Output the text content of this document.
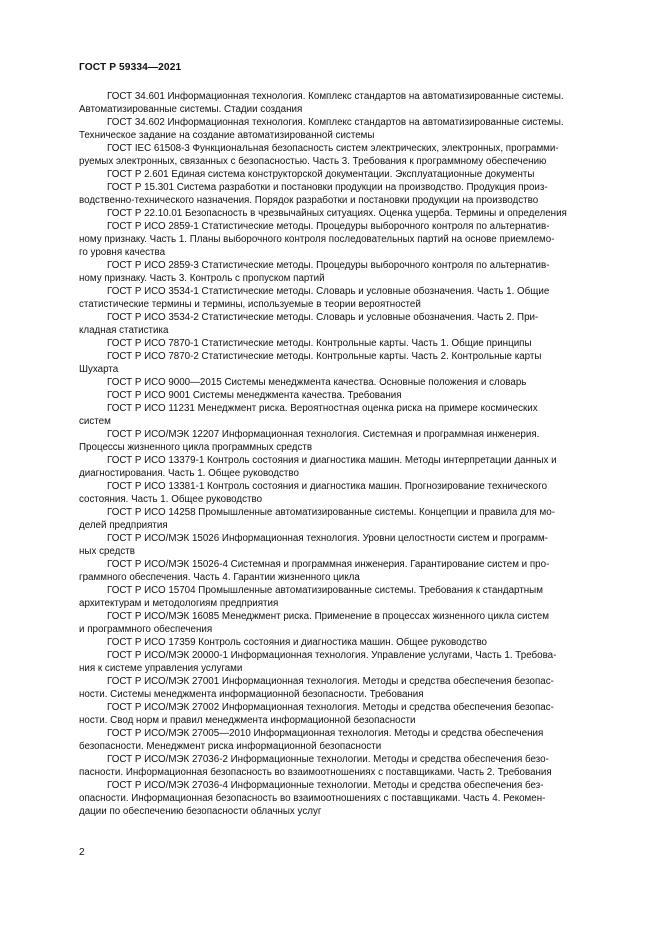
ГОСТ Р 59334—2021
ГОСТ 34.601 Информационная технология. Комплекс стандартов на автоматизированные системы.
Автоматизированные системы. Стадии создания
ГОСТ 34.602 Информационная технология. Комплекс стандартов на автоматизированные системы.
Техническое задание на создание автоматизированной системы
ГОСТ IEC 61508-3 Функциональная безопасность систем электрических, электронных, программи-
руемых электронных, связанных с безопасностью. Часть 3. Требования к программному обеспечению
ГОСТ Р 2.601 Единая система конструкторской документации. Эксплуатационные документы
ГОСТ Р 15.301 Система разработки и постановки продукции на производство. Продукция произ-
водственно-технического назначения. Порядок разработки и постановки продукции на производство
ГОСТ Р 22.10.01 Безопасность в чрезвычайных ситуациях. Оценка ущерба. Термины и определения
ГОСТ Р ИСО 2859-1 Статистические методы. Процедуры выборочного контроля по альтернатив-
ному признаку. Часть 1. Планы выборочного контроля последовательных партий на основе приемлемо-
го уровня качества
ГОСТ Р ИСО 2859-3 Статистические методы. Процедуры выборочного контроля по альтернатив-
ному признаку. Часть 3. Контроль с пропуском партий
ГОСТ Р ИСО 3534-1 Статистические методы. Словарь и условные обозначения. Часть 1. Общие
статистические термины и термины, используемые в теории вероятностей
ГОСТ Р ИСО 3534-2 Статистические методы. Словарь и условные обозначения. Часть 2. При-
кладная статистика
ГОСТ Р ИСО 7870-1 Статистические методы. Контрольные карты. Часть 1. Общие принципы
ГОСТ Р ИСО 7870-2 Статистические методы. Контрольные карты. Часть 2. Контрольные карты
Шухарта
ГОСТ Р ИСО 9000—2015 Системы менеджмента качества. Основные положения и словарь
ГОСТ Р ИСО 9001 Системы менеджмента качества. Требования
ГОСТ Р ИСО 11231 Менеджмент риска. Вероятностная оценка риска на примере космических
систем
ГОСТ Р ИСО/МЭК 12207 Информационная технология. Системная и программная инженерия.
Процессы жизненного цикла программных средств
ГОСТ Р ИСО 13379-1 Контроль состояния и диагностика машин. Методы интерпретации данных и
диагностирования. Часть 1. Общее руководство
ГОСТ Р ИСО 13381-1 Контроль состояния и диагностика машин. Прогнозирование технического
состояния. Часть 1. Общее руководство
ГОСТ Р ИСО 14258 Промышленные автоматизированные системы. Концепции и правила для мо-
делей предприятия
ГОСТ Р ИСО/МЭК 15026 Информационная технология. Уровни целостности систем и программ-
ных средств
ГОСТ Р ИСО/МЭК 15026-4 Системная и программная инженерия. Гарантирование систем и про-
граммного обеспечения. Часть 4. Гарантии жизненного цикла
ГОСТ Р ИСО 15704 Промышленные автоматизированные системы. Требования к стандартным
архитектурам и методологиям предприятия
ГОСТ Р ИСО/МЭК 16085 Менеджмент риска. Применение в процессах жизненного цикла систем
и программного обеспечения
ГОСТ Р ИСО 17359 Контроль состояния и диагностика машин. Общее руководство
ГОСТ Р ИСО/МЭК 20000-1 Информационная технология. Управление услугами, Часть 1. Требова-
ния к системе управления услугами
ГОСТ Р ИСО/МЭК 27001 Информационная технология. Методы и средства обеспечения безопас-
ности. Системы менеджмента информационной безопасности. Требования
ГОСТ Р ИСО/МЭК 27002 Информационная технология. Методы и средства обеспечения безопас-
ности. Свод норм и правил менеджмента информационной безопасности
ГОСТ Р ИСО/МЭК 27005—2010 Информационная технология. Методы и средства обеспечения
безопасности. Менеджмент риска информационной безопасности
ГОСТ Р ИСО/МЭК 27036-2 Информационные технологии. Методы и средства обеспечения безо-
пасности. Информационная безопасность во взаимоотношениях с поставщиками. Часть 2. Требования
ГОСТ Р ИСО/МЭК 27036-4 Информационные технологии. Методы и средства обеспечения без-
опасности. Информационная безопасность во взаимоотношениях с поставщиками. Часть 4. Рекомен-
дации по обеспечению безопасности облачных услуг
2
